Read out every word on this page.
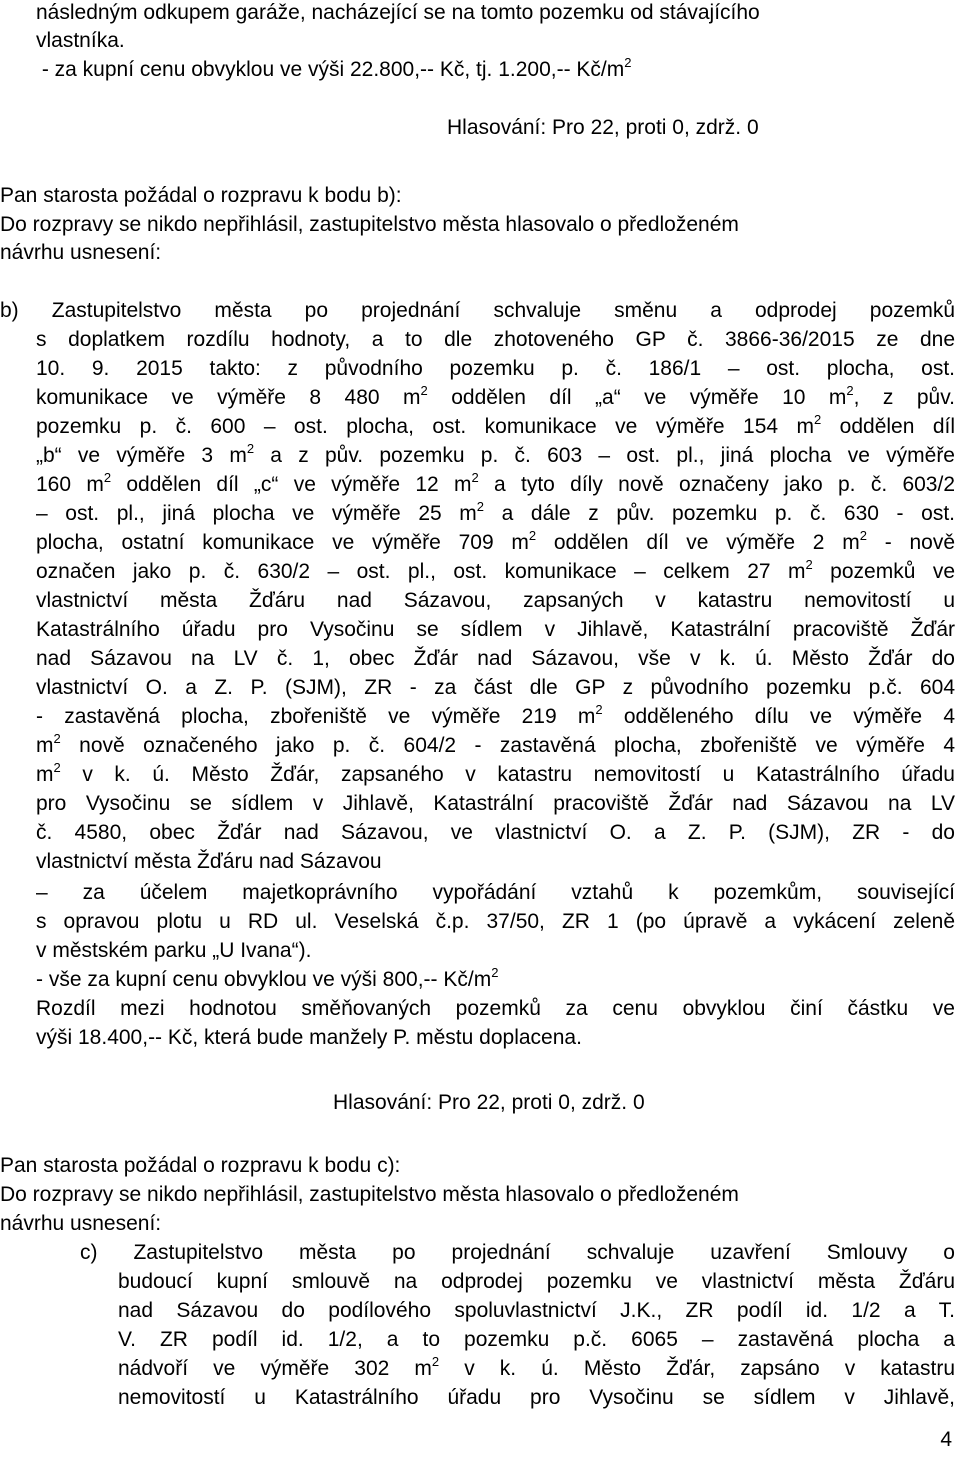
následným odkupem garáže, nacházející se na tomto pozemku od stávajícího
vlastníka.
- za kupní cenu obvyklou ve výši 22.800,-- Kč, tj. 1.200,-- $Kč/m^2$
Hlasování: Pro 22, proti 0, zdrž. 0
Pan starosta požádal o rozpravu k bodu b):
Do rozpravy se nikdo nepřihlásil, zastupitelstvo města hlasovalo o předloženém
návrhu usnesení:
b) Zastupitelstvo města po projednání schvaluje směnu a odprodej pozemků
s doplatkem rozdílu hodnoty, a to dle zhotoveného GP č. 3866-36/2015 ze dne
10. 9. 2015 takto: z původního pozemku p. č. 186/1 – ost. plocha, ost.
komunikace ve výměře 8 480 $m^2$ oddělen díl „a“ ve výměře 10 $m^2$, z pův.
pozemku p. č. 600 – ost. plocha, ost. komunikace ve výměře 154 $m^2$ oddělen díl
„b“ ve výměře 3 $m^2$ a z pův. pozemku p. č. 603 – ost. pl., jiná plocha ve výměře
160 $m^2$ oddělen díl „c“ ve výměře 12 $m^2$ a tyto díly nově označeny jako p. č. 603/2
– ost. pl., jiná plocha ve výměře 25 $m^2$ a dále z pův. pozemku p. č. 630 - ost.
plocha, ostatní komunikace ve výměře 709 $m^2$ oddělen díl ve výměře 2 $m^2$ - nově
označen jako p. č. 630/2 – ost. pl., ost. komunikace – celkem 27 $m^2$ pozemků ve
vlastnictví města Žďáru nad Sázavou, zapsaných v katastru nemovitostí u
Katastrálního úřadu pro Vysočinu se sídlem v Jihlavě, Katastrální pracoviště Žďár
nad Sázavou na LV č. 1, obec Žďár nad Sázavou, vše v k. ú. Město Žďár do
vlastnictví O. a Z. P. (SJM), ZR - za část dle GP z původního pozemku p.č. 604
- zastavěná plocha, zbořeniště ve výměře 219 $m^2$ odděleného dílu ve výměře 4
$m^2$ nově označeného jako p. č. 604/2 - zastavěná plocha, zbořeniště ve výměře 4
$m^2$ v k. ú. Město Žďár, zapsaného v katastru nemovitostí u Katastrálního úřadu
pro Vysočinu se sídlem v Jihlavě, Katastrální pracoviště Žďár nad Sázavou na LV
č. 4580, obec Žďár nad Sázavou, ve vlastnictví O. a Z. P. (SJM), ZR - do
vlastnictví města Žďáru nad Sázavou
– za účelem majetkoprávního vypořádání vztahů k pozemkům, související
s opravou plotu u RD ul. Veselská č.p. 37/50, ZR 1 (po úpravě a vykácení zeleně
v městském parku „U Ivana“).
- vše za kupní cenu obvyklou ve výši 800,-- $Kč/m^2$
Rozdíl mezi hodnotou směňovaných pozemků za cenu obvyklou činí částku ve
výši 18.400,-- Kč, která bude manžely P. městu doplacena.
Hlasování: Pro 22, proti 0, zdrž. 0
Pan starosta požádal o rozpravu k bodu c):
Do rozpravy se nikdo nepřihlásil, zastupitelstvo města hlasovalo o předloženém
návrhu usnesení:
c) Zastupitelstvo města po projednání schvaluje uzavření Smlouvy o
budoucí kupní smlouvě na odprodej pozemku ve vlastnictví města Žďáru
nad Sázavou do podílového spoluvlastnictví J.K., ZR podíl id. 1/2 a T.
V. ZR podíl id. 1/2, a to pozemku p.č. 6065 – zastavěná plocha a
nádvoří ve výměře 302 $m^2$ v k. ú. Město Žďár, zapsáno v katastru
nemovitostí u Katastrálního úřadu pro Vysočinu se sídlem v Jihlavě,
4
